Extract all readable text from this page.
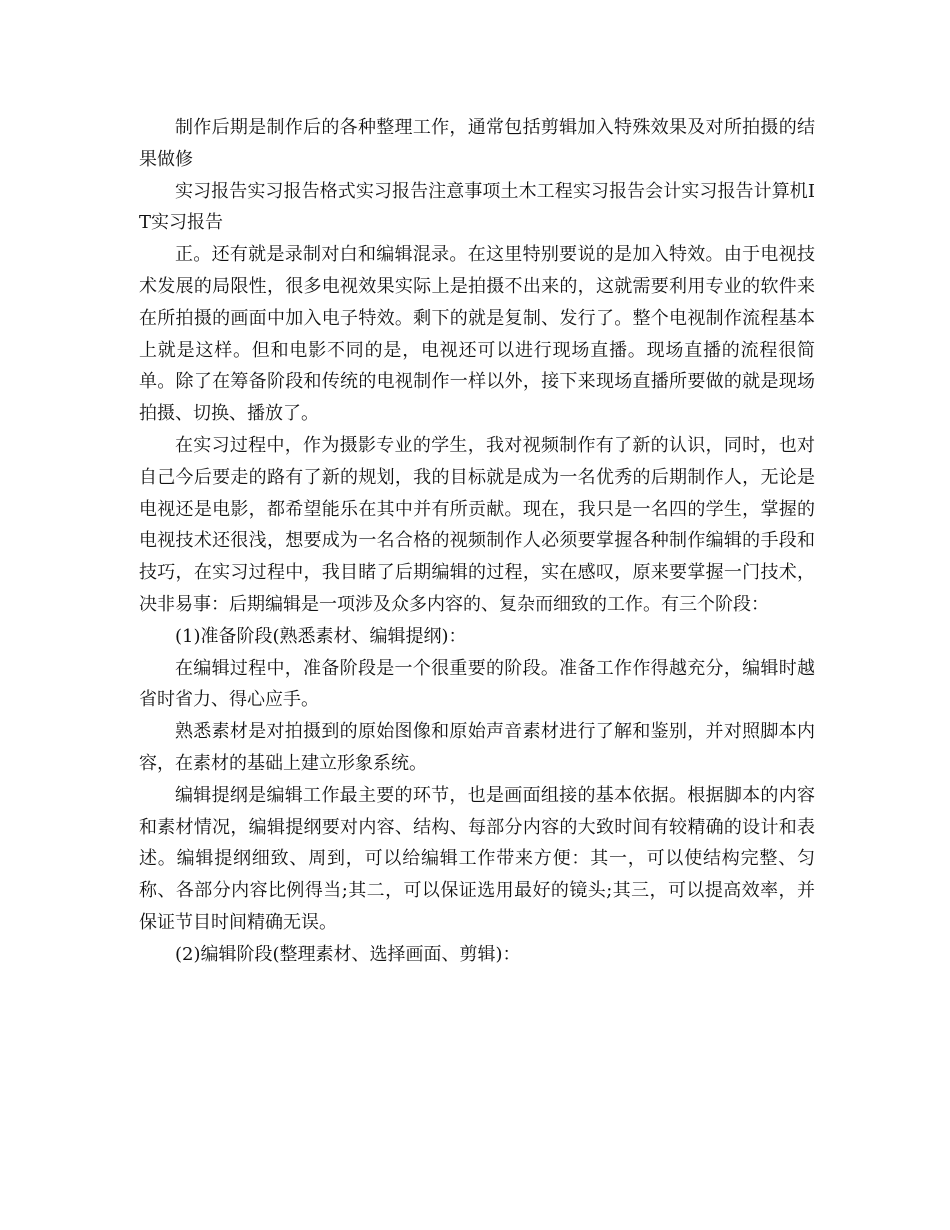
制作后期是制作后的各种整理工作，通常包括剪辑加入特殊效果及对所拍摄的结果做修

实习报告实习报告格式实习报告注意事项土木工程实习报告会计实习报告计算机IT实习报告

正。还有就是录制对白和编辑混录。在这里特别要说的是加入特效。由于电视技术发展的局限性，很多电视效果实际上是拍摄不出来的，这就需要利用专业的软件来在所拍摄的画面中加入电子特效。剩下的就是复制、发行了。整个电视制作流程基本上就是这样。但和电影不同的是，电视还可以进行现场直播。现场直播的流程很简单。除了在筹备阶段和传统的电视制作一样以外，接下来现场直播所要做的就是现场拍摄、切换、播放了。

在实习过程中，作为摄影专业的学生，我对视频制作有了新的认识，同时，也对自己今后要走的路有了新的规划，我的目标就是成为一名优秀的后期制作人，无论是电视还是电影，都希望能乐在其中并有所贡献。现在，我只是一名四的学生，掌握的电视技术还很浅，想要成为一名合格的视频制作人必须要掌握各种制作编辑的手段和技巧，在实习过程中，我目睹了后期编辑的过程，实在感叹，原来要掌握一门技术，决非易事：后期编辑是一项涉及众多内容的、复杂而细致的工作。有三个阶段：

(1)准备阶段(熟悉素材、编辑提纲)：

在编辑过程中，准备阶段是一个很重要的阶段。准备工作作得越充分，编辑时越省时省力、得心应手。

熟悉素材是对拍摄到的原始图像和原始声音素材进行了解和鉴别，并对照脚本内容，在素材的基础上建立形象系统。

编辑提纲是编辑工作最主要的环节，也是画面组接的基本依据。根据脚本的内容和素材情况，编辑提纲要对内容、结构、每部分内容的大致时间有较精确的设计和表述。编辑提纲细致、周到，可以给编辑工作带来方便：其一，可以使结构完整、匀称、各部分内容比例得当;其二，可以保证选用最好的镜头;其三，可以提高效率，并保证节目时间精确无误。

(2)编辑阶段(整理素材、选择画面、剪辑)：
